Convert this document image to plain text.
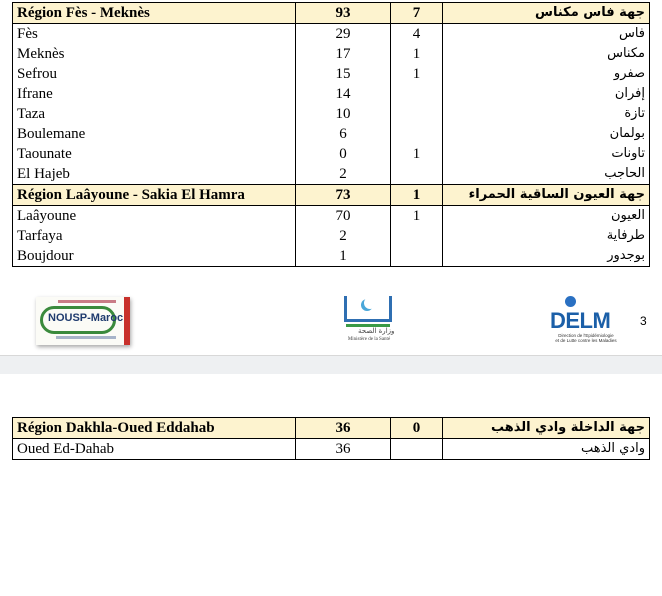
Région Fès - Meknès	93	7	جهة فاس مكناس
Fès	29	4	فاس
Meknès	17	1	مكناس
Sefrou	15	1	صفرو
Ifrane	14		إفران
Taza	10		تازة
Boulemane	6		بولمان
Taounate	0	1	تاونات
El Hajeb	2		الحاجب
Région Laâyoune - Sakia El Hamra	73	1	جهة العيون الساقية الحمراء
Laâyoune	70	1	العيون
Tarfaya	2		طرفاية
Boujdour	1		بوجدور
NOUSP-Maroc
وزارة الصحة
Ministère de la Santé
DELM
Direction de l'Epidémiologie
et de Lutte contre les Maladies
3
Région Dakhla-Oued Eddahab	36	0	جهة الداخلة وادي الذهب
Oued Ed-Dahab	36		وادي الذهب
